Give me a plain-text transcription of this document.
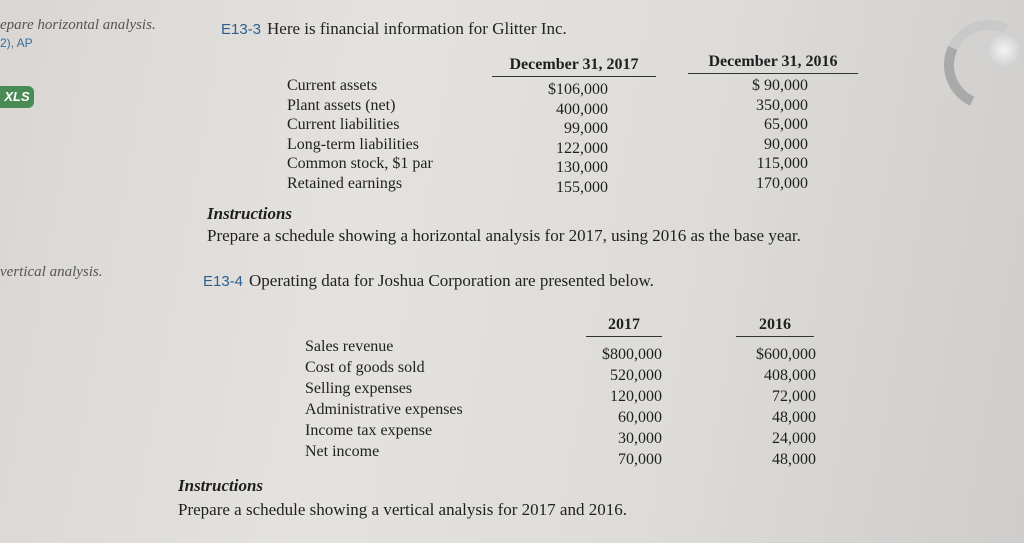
epare horizontal analysis.
2), AP
XLS
vertical analysis.
E13-3 Here is financial information for Glitter Inc.
December 31, 2017	December 31, 2016
Current assets
Plant assets (net)
Current liabilities
Long-term liabilities
Common stock, $1 par
Retained earnings
$106,000
400,000
99,000
122,000
130,000
155,000
$ 90,000
350,000
65,000
90,000
115,000
170,000
Instructions
Prepare a schedule showing a horizontal analysis for 2017, using 2016 as the base year.
E13-4 Operating data for Joshua Corporation are presented below.
2017	2016
Sales revenue
Cost of goods sold
Selling expenses
Administrative expenses
Income tax expense
Net income
$800,000
520,000
120,000
60,000
30,000
70,000
$600,000
408,000
72,000
48,000
24,000
48,000
Instructions
Prepare a schedule showing a vertical analysis for 2017 and 2016.
